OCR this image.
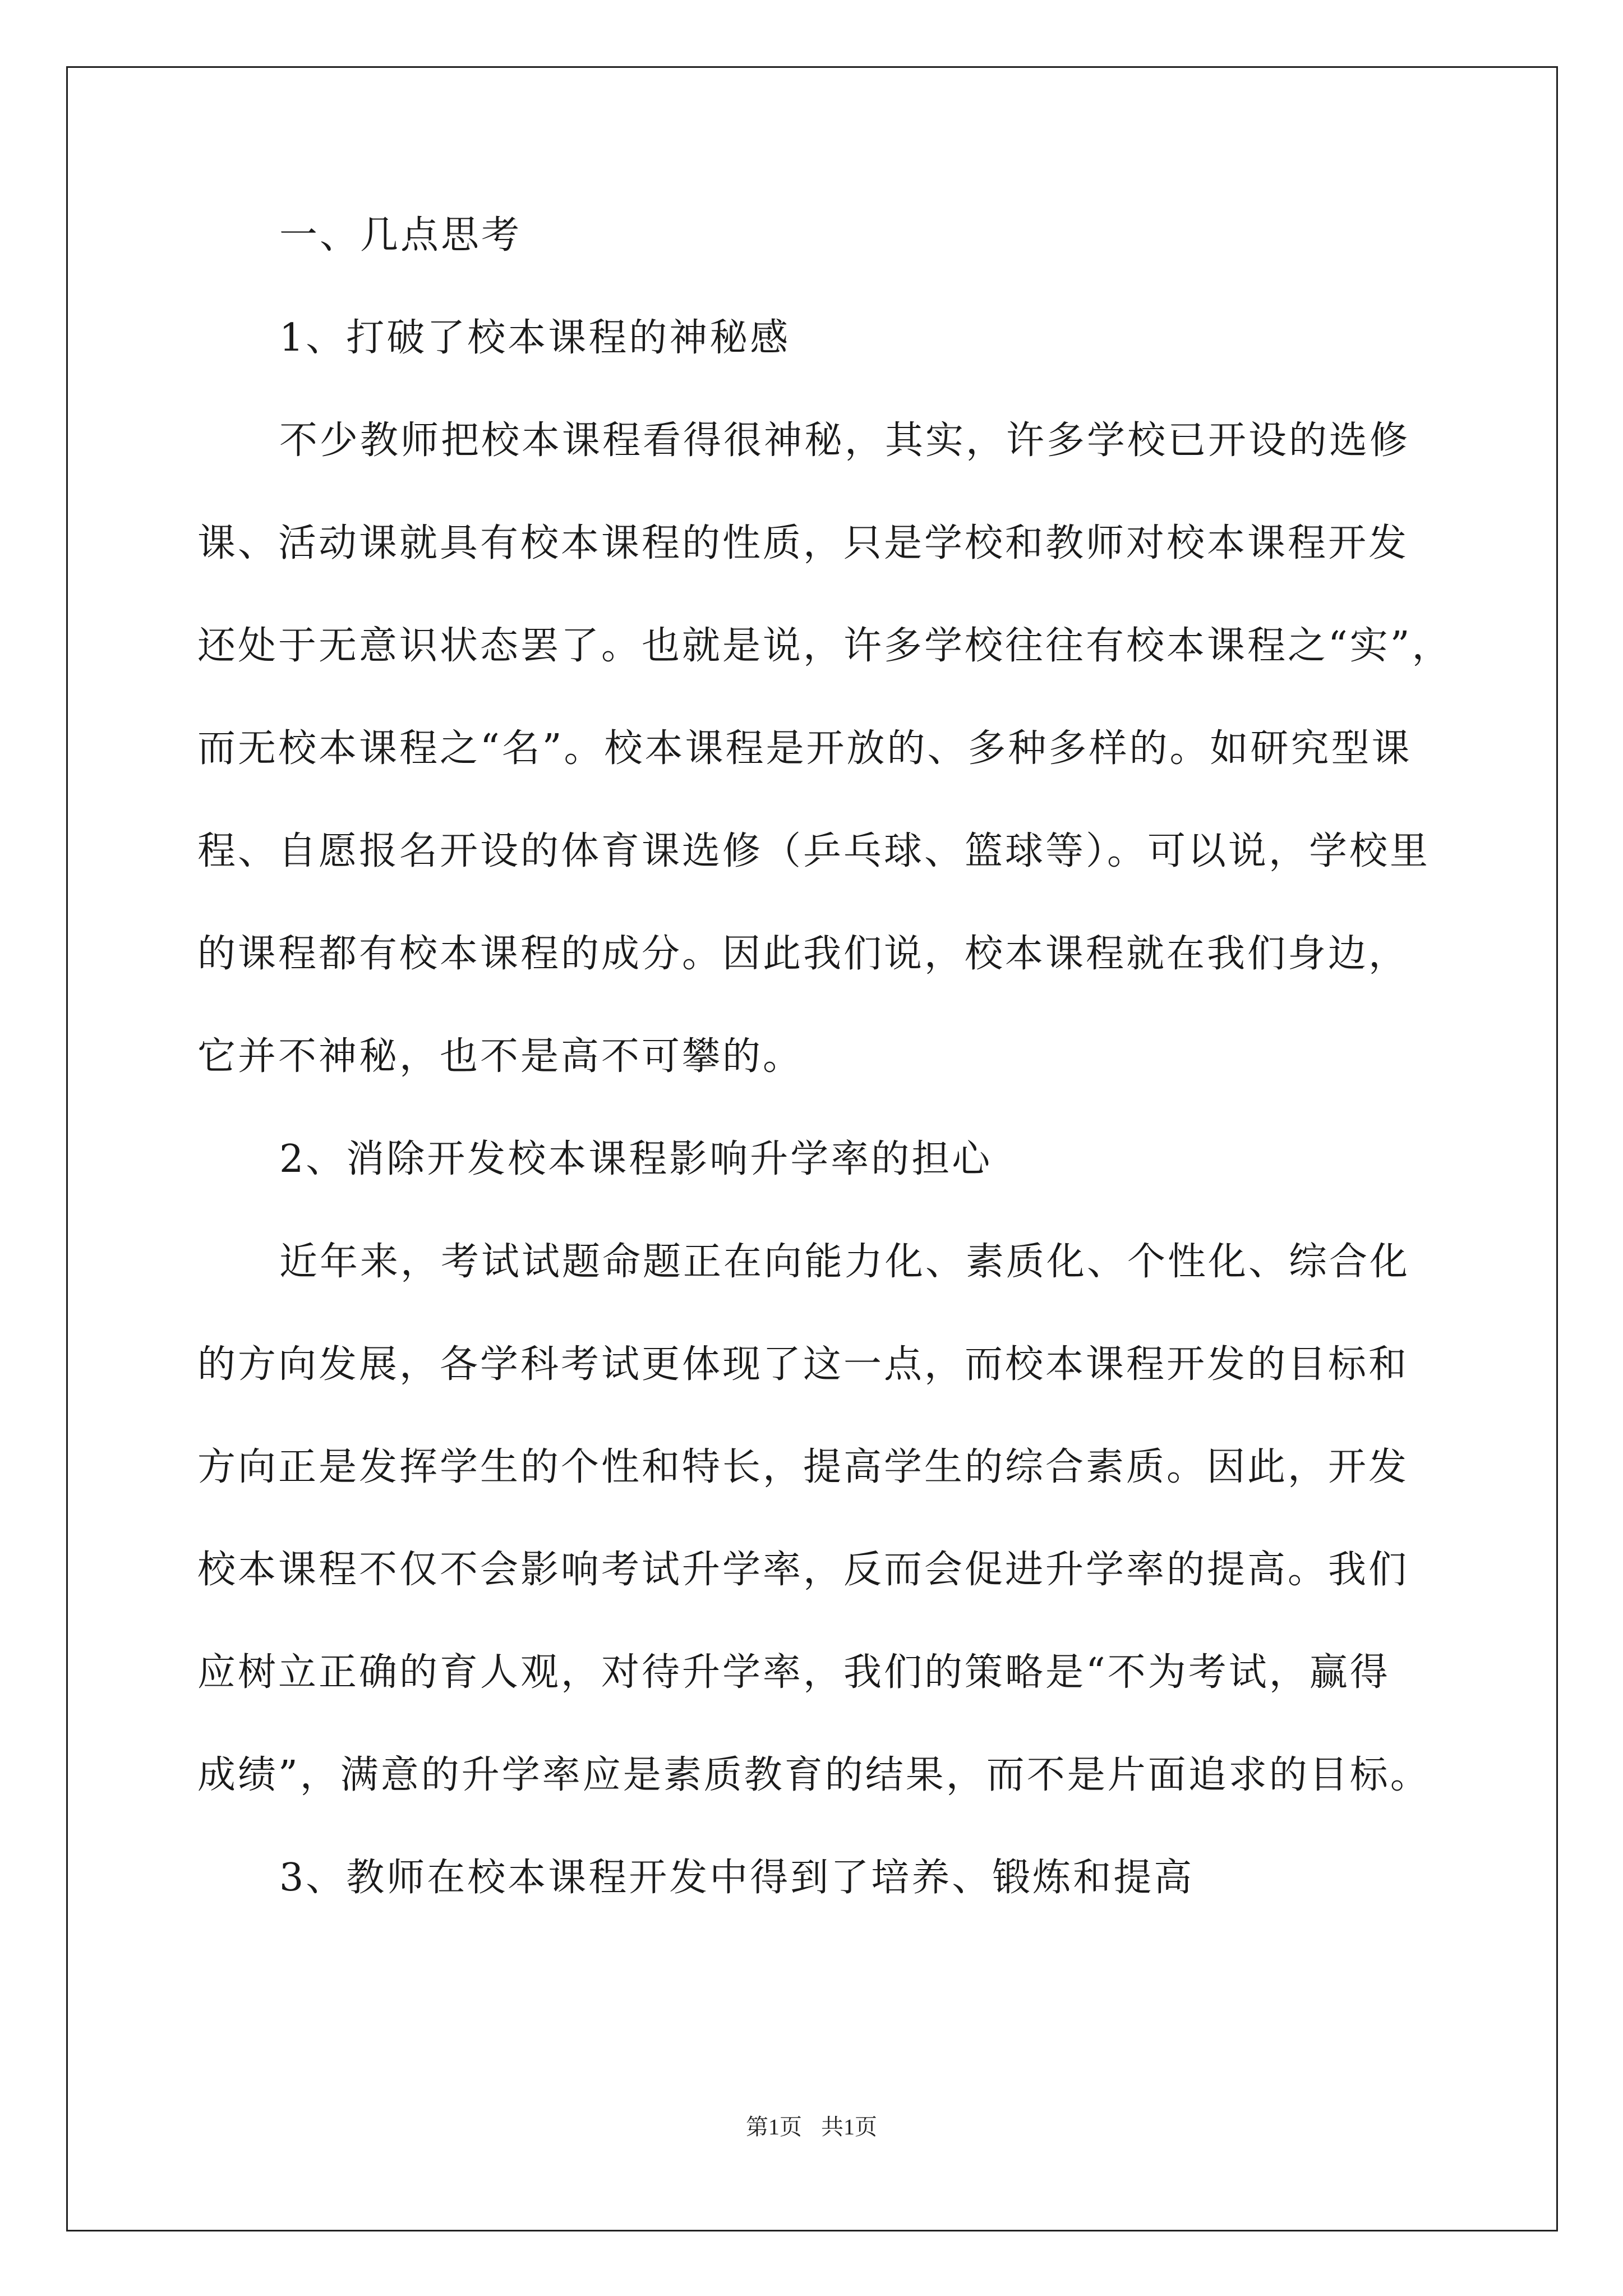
一、几点思考
1、打破了校本课程的神秘感
不少教师把校本课程看得很神秘，其实，许多学校已开设的选修
课、活动课就具有校本课程的性质，只是学校和教师对校本课程开发
还处于无意识状态罢了。也就是说，许多学校往往有校本课程之“实”，
而无校本课程之“名”。校本课程是开放的、多种多样的。如研究型课
程、自愿报名开设的体育课选修（乒乓球、篮球等）。可以说，学校里
的课程都有校本课程的成分。因此我们说，校本课程就在我们身边，
它并不神秘，也不是高不可攀的。
2、消除开发校本课程影响升学率的担心
近年来，考试试题命题正在向能力化、素质化、个性化、综合化
的方向发展，各学科考试更体现了这一点，而校本课程开发的目标和
方向正是发挥学生的个性和特长，提高学生的综合素质。因此，开发
校本课程不仅不会影响考试升学率，反而会促进升学率的提高。我们
应树立正确的育人观，对待升学率，我们的策略是“不为考试，赢得
成绩”，满意的升学率应是素质教育的结果，而不是片面追求的目标。
3、教师在校本课程开发中得到了培养、锻炼和提高
第1页 共1页
